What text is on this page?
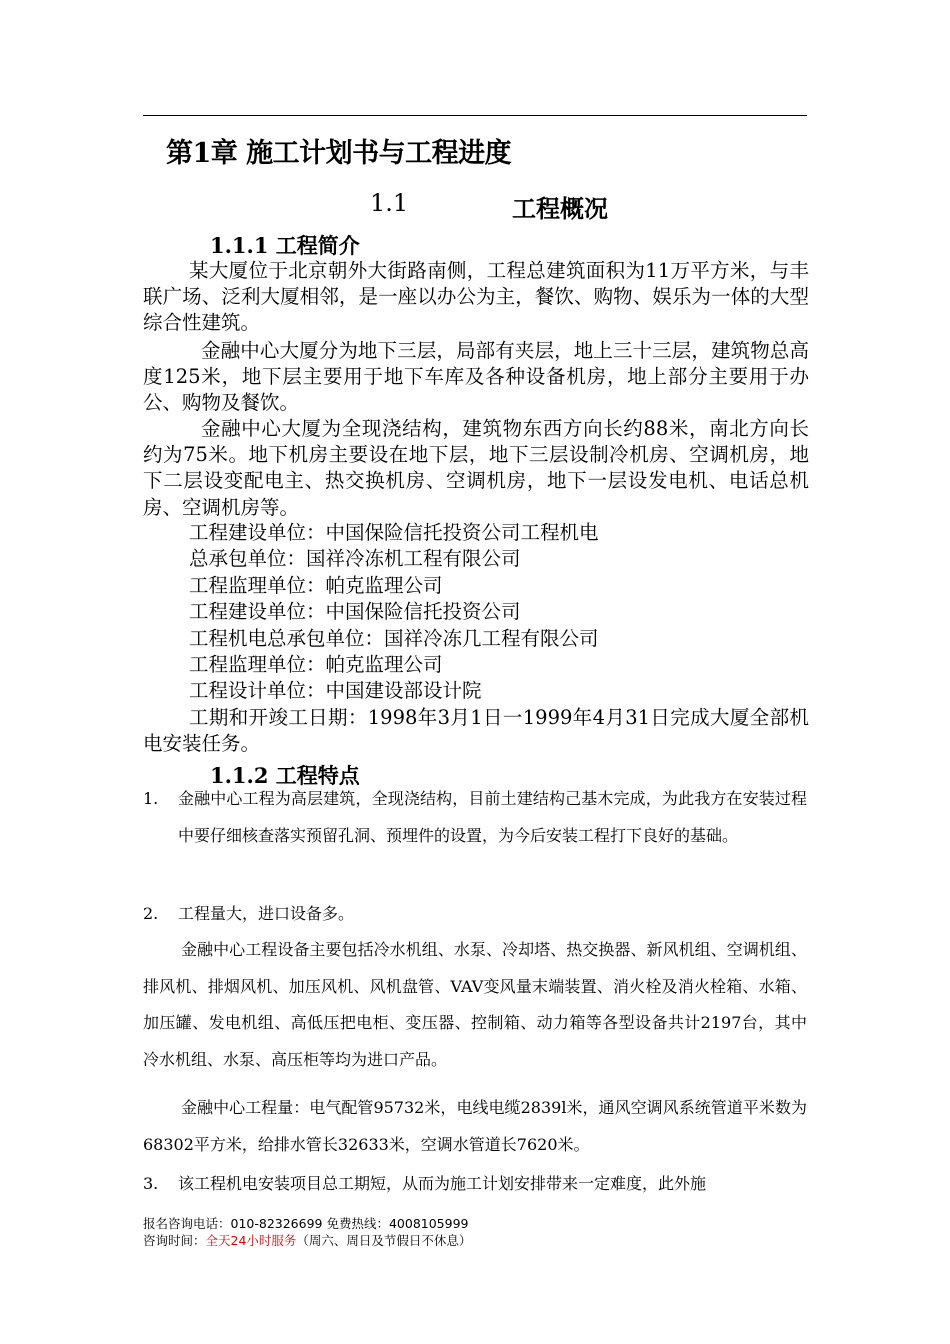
第1章 施工计划书与工程进度
1.1	工程概况
1.1.1 工程简介

某大厦位于北京朝外大街路南侧，工程总建筑面积为11万平方米，与丰联广场、泛利大厦相邻，是一座以办公为主，餐饮、购物、娱乐为一体的大型综合性建筑。

金融中心大厦分为地下三层，局部有夹层，地上三十三层，建筑物总高度125米，地下层主要用于地下车库及各种设备机房，地上部分主要用于办公、购物及餐饮。

金融中心大厦为全现浇结构，建筑物东西方向长约88米，南北方向长约为75米。地下机房主要设在地下层，地下三层设制冷机房、空调机房，地下二层设变配电主、热交换机房、空调机房，地下一层设发电机、电话总机房、空调机房等。

工程建设单位：中国保险信托投资公司工程机电
总承包单位：国祥冷冻机工程有限公司
工程监理单位：帕克监理公司
工程建设单位：中国保险信托投资公司
工程机电总承包单位：国祥冷冻几工程有限公司
工程监理单位：帕克监理公司
工程设计单位：中国建设部设计院

工期和开竣工日期：1998年3月1日一1999年4月31日完成大厦全部机电安装任务。

1.1.2 工程特点
1.	金融中心工程为高层建筑，全现浇结构，目前土建结构己基木完成，为此我方在安装过程中要仔细核查落实预留孔洞、预埋件的设置，为今后安装工程打下良好的基础。
2.	工程量大，进口设备多。

金融中心工程设备主要包括冷水机组、水泵、冷却塔、热交换器、新风机组、空调机组、排风机、排烟风机、加压风机、风机盘管、VAV变风量末端装置、消火栓及消火栓箱、水箱、加压罐、发电机组、高低压把电柜、变压器、控制箱、动力箱等各型设备共计2197台，其中冷水机组、水泵、高压柜等均为进口产品。

金融中心工程量：电气配管95732米，电线电缆2839l米，通风空调风系统管道平米数为68302平方米，给排水管长32633米，空调水管道长7620米。

3.	该工程机电安装项目总工期短，从而为施工计划安排带来一定难度，此外施
报名咨询电话：010-82326699 免费热线：4008105999
咨询时间：全天24小时服务（周六、周日及节假日不休息）
